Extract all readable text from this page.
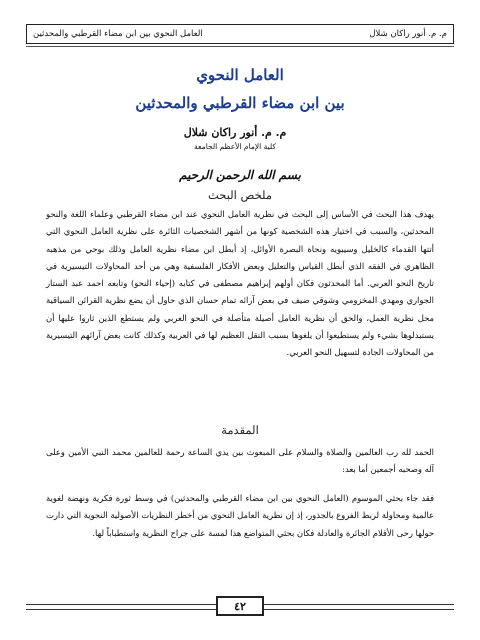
م. م. أنور راكان شلال
العامل النحوي بين ابن مضاء القرطبي والمحدثين
العامل النحوي
بين ابن مضاء القرطبي والمحدثين
م. م. أنور راكان شلال
كلية الإمام الأعظم الجامعة
بسم الله الرحمن الرحيم
ملخص البحث
يهدف هذا البحث في الأساس إلى البحث في نظرية العامل النحوي عند ابن مضاء القرطبي وعلماء اللغة والنحو المحدثين، والسبب في اختيار هذه الشخصية كونها من أشهر الشخصيات الثائرة على نظرية العامل النحوي التي أتتها القدماء كالخليل وسيبويه ونحاة البصرة الأوائل، إذ أبطل ابن مضاء نظرية العامل وذلك بوحي من مذهبه الظاهري في الفقه الذي أبطل القياس والتعليل وبعض الأفكار الفلسفية وهي من أحد المحاولات التيسيرية في تاريخ النحو العربي. أما المحدثون فكان أولهم إبراهيم مصطفى في كتابه (إحياء النحو) وتابعه احمد عبد الستار الجواري ومهدي المخزومي وشوقي ضيف في بعض آرائه تمام حسان الذي حاول أن يضع نظرية القرائن السياقية محل نظرية العمل، والحق أن نظرية العامل أصيلة متأصلة في النحو العربي ولم يستطع الذين ثاروا عليها أن يستبدلوها بشيء ولم يستطيعوا أن يلغوها بسبب النقل العظيم لها في العربية وكذلك كانت بعض آرائهم التيسيرية من المحاولات الجادة لتسهيل النحو العربي.
المقدمة
الحمد لله رب العالمين والصلاة والسلام على المبعوث بين يدي الساعة رحمة للعالمين محمد النبي الأمين وعلى آله وصحبه أجمعين أما بعد:
فقد جاء بحثي الموسوم (العامل النحوي بين ابن مضاء القرطبي والمحدثين) في وسط ثورة فكرية ونهضة لغوية عالمية ومحاولة لربط الفروع بالجذور، إذ إن نظرية العامل النحوي من أخطر النظريات الأصولية النحوية التي دارت حولها رحى الأقلام الجائرة والعادلة فكان بحثي المتواضع هذا لمسة على جراح النظرية واستطباباً لها.
٤٢
